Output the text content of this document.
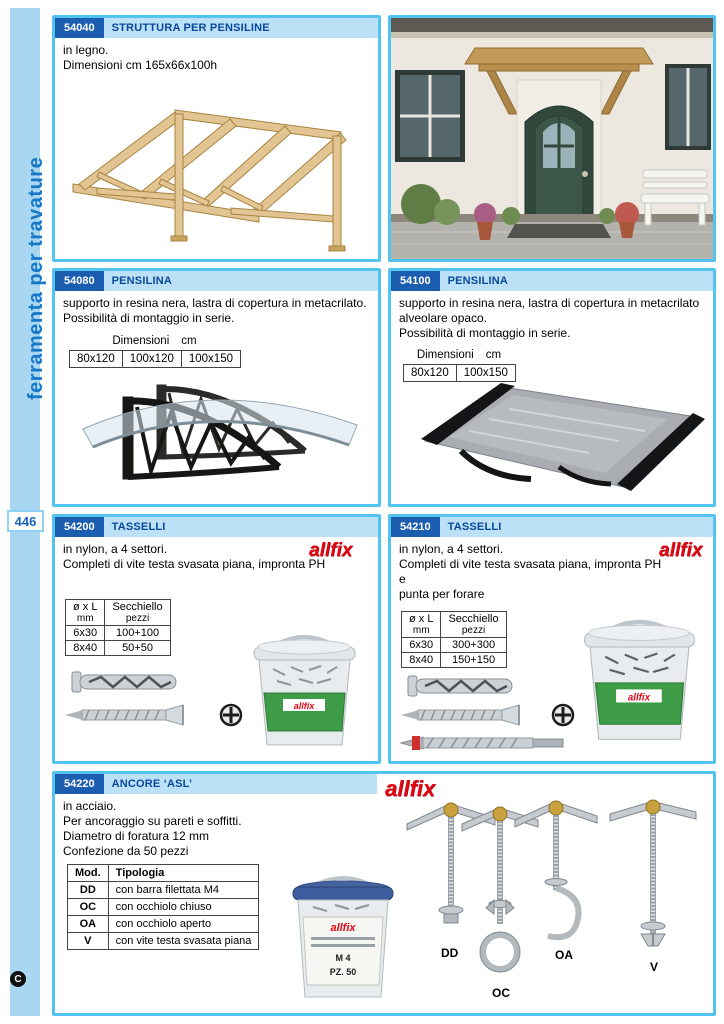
ferramenta per travature
446
C
54040	STRUTTURA PER PENSILINE

in legno.

Dimensioni cm 165x66x100h

54080	PENSILINA

supporto in resina nera, lastra di copertura in metacrilato.

Possibilità di montaggio in serie.

Dimensioni cm
80x120	100x120	100x150
54100	PENSILINA

supporto in resina nera, lastra di copertura in metacrilato

alveolare opaco.

Possibilità di montaggio in serie.

Dimensioni cm
80x120	100x150
54200	TASSELLI

in nylon, a 4 settori.

Completi di vite testa svasata piana, impronta PH

allfix
ø x L
mm	Secchiello
pezzi

6x30	100+100
8x40	50+50
allfix
54210	TASSELLI

in nylon, a 4 settori.

Completi di vite testa svasata piana, impronta PH e

punta per forare

allfix
ø x L
mm	Secchiello
pezzi

6x30	300+300
8x40	150+150
allfix
54220	ANCORE ‘ASL’	allfix

in acciaio.

Per ancoraggio su pareti e soffitti.

Diametro di foratura 12 mm

Confezione da 50 pezzi

Mod.	Tipologia
DD	con barra filettata M4
OC	con occhiolo chiuso
OA	con occhiolo aperto
V	con vite testa svasata piana
allfix
M 4
PZ. 50
DD
OC
OA
V
